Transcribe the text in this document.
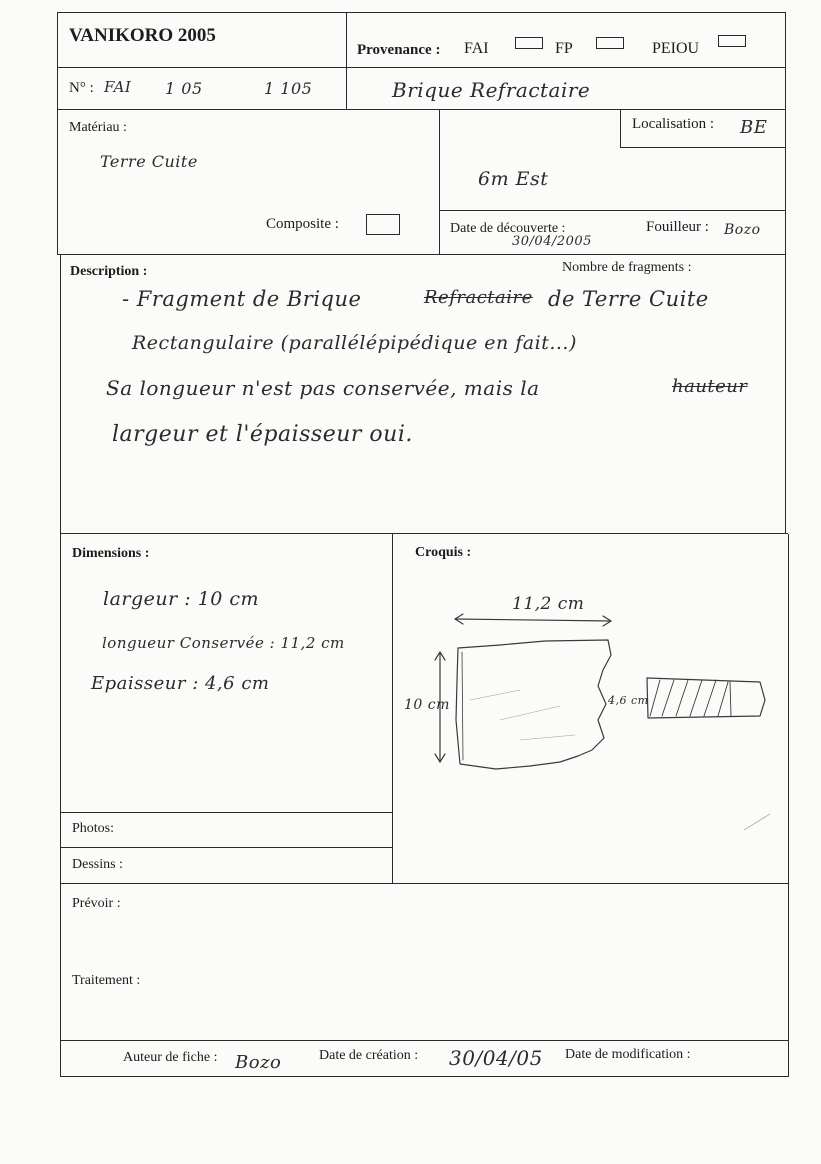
VANIKORO 2005
Provenance : FAI	FP	PEIOU
N° : FAI 1 05	1 105	Brique Refractaire
Matériau :
Terre Cuite
Composite :
Localisation : BE
6m Est
Date de découverte :
30/04/2005
Fouilleur : Bozo
Description :	Nombre de fragments :
- Fragment de Brique	Refractaire de Terre Cuite
Rectangulaire (parallélépipédique en fait...)
Sa longueur n'est pas conservée, mais la	hauteur
largeur et l'épaisseur oui.
Dimensions :
largeur : 10 cm
longueur Conservée : 11,2 cm
Epaisseur : 4,6 cm
Photos:
Dessins :
Croquis :
11,2 cm
10 cm	4,6 cm
Prévoir :
Traitement :
Auteur de fiche : Bozo	Date de création : 30/04/05 Date de modification :
